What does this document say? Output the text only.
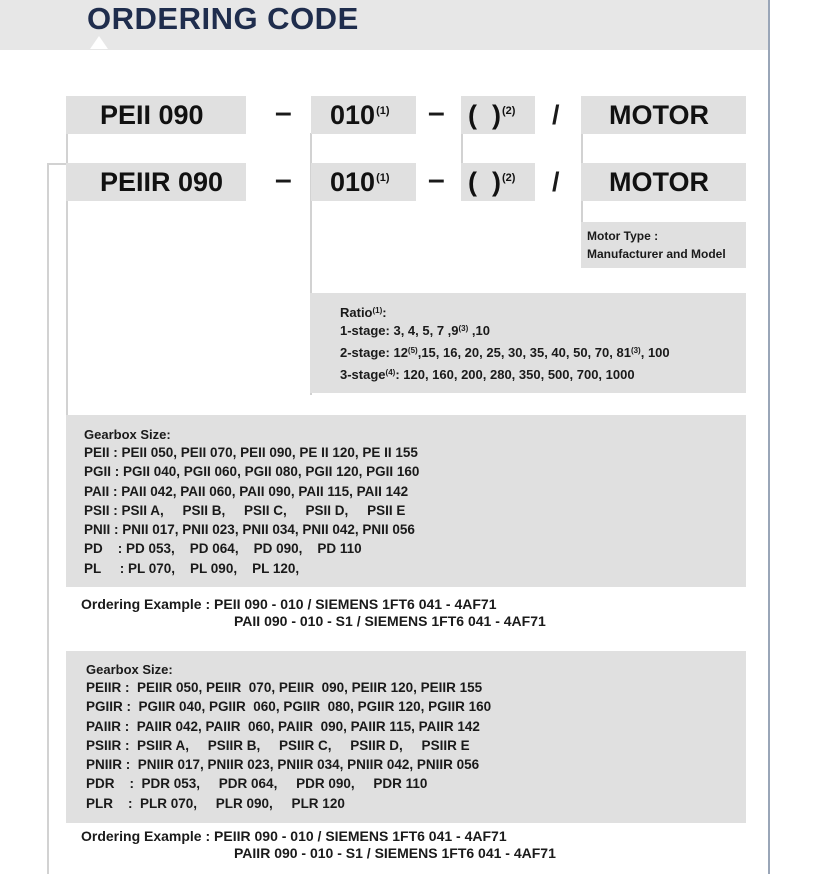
ORDERING CODE
PEII 090 – 010$^{(1)}$ – (  )$^{(2)}$ / MOTOR
PEIIR 090 – 010$^{(1)}$ – (  )$^{(2)}$ / MOTOR
Motor Type :
Manufacturer and Model
Ratio$^{(1)}$:
1-stage: 3, 4, 5, 7 ,9$^{(3)}$ ,10
2-stage: 12$^{(5)}$,15, 16, 20, 25, 30, 35, 40, 50, 70, 81$^{(3)}$, 100
3-stage$^{(4)}$: 120, 160, 200, 280, 350, 500, 700, 1000
Gearbox Size:
PEII : PEII 050, PEII 070, PEII 090, PE II 120, PE II 155
PGII : PGII 040, PGII 060, PGII 080, PGII 120, PGII 160
PAII : PAII 042, PAII 060, PAII 090, PAII 115, PAII 142
PSII : PSII A,     PSII B,     PSII C,     PSII D,     PSII E
PNII : PNII 017, PNII 023, PNII 034, PNII 042, PNII 056
PD    : PD 053,    PD 064,    PD 090,    PD 110
PL     : PL 070,    PL 090,    PL 120,
Ordering Example : PEII 090 - 010 / SIEMENS 1FT6 041 - 4AF71
PAII 090 - 010 - S1 / SIEMENS 1FT6 041 - 4AF71
Gearbox Size:
PEIIR :  PEIIR 050, PEIIR  070, PEIIR  090, PEIIR 120, PEIIR 155
PGIIR :  PGIIR 040, PGIIR  060, PGIIR  080, PGIIR 120, PGIIR 160
PAIIR :  PAIIR 042, PAIIR  060, PAIIR  090, PAIIR 115, PAIIR 142
PSIIR :  PSIIR A,     PSIIR B,     PSIIR C,     PSIIR D,     PSIIR E
PNIIR :  PNIIR 017, PNIIR 023, PNIIR 034, PNIIR 042, PNIIR 056
PDR    :  PDR 053,     PDR 064,     PDR 090,     PDR 110
PLR    :  PLR 070,     PLR 090,     PLR 120
Ordering Example : PEIIR 090 - 010 / SIEMENS 1FT6 041 - 4AF71
PAIIR 090 - 010 - S1 / SIEMENS 1FT6 041 - 4AF71
